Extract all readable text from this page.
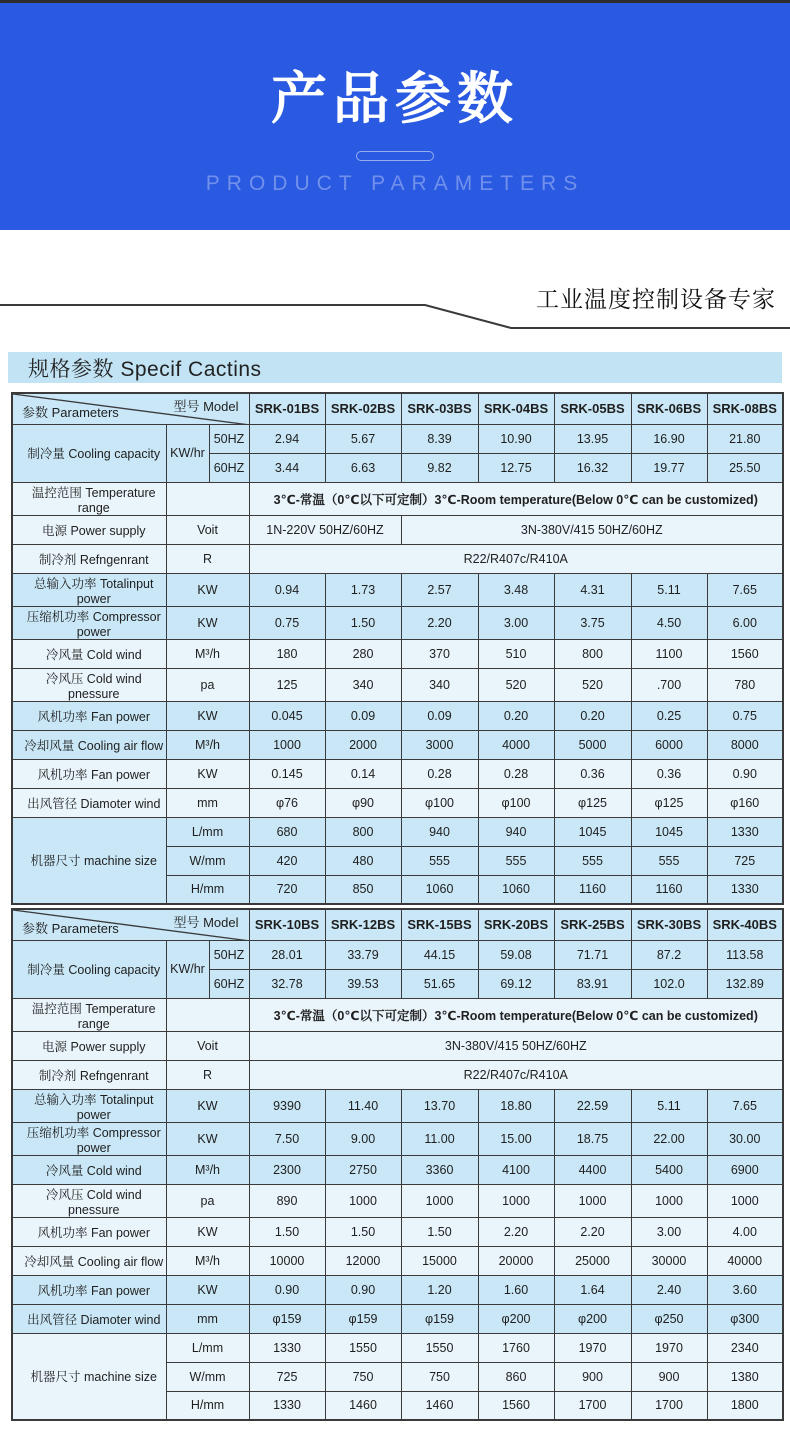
产品参数
PRODUCT PARAMETERS
工业温度控制设备专家
规格参数 Specif Cactins
型号 Model
参数 Parameters			SRK-01BS	SRK-02BS	SRK-03BS	SRK-04BS	SRK-05BS	SRK-06BS	SRK-08BS
制冷量 Cooling capacity	KW/hr	50HZ	2.94	5.67	8.39	10.90	13.95	16.90	21.80
		60HZ	3.44	6.63	9.82	12.75	16.32	19.77	25.50
温控范围 Temperature range			3℃-常温（0℃以下可定制）3℃-Room temperature(Below 0℃ can be customized)						
电源 Power supply	Voit		1N-220V 50HZ/60HZ		3N-380V/415 50HZ/60HZ				
制冷剂 Refngenrant	R		R22/R407c/R410A						
总输入功率 Totalinput power	KW		0.94	1.73	2.57	3.48	4.31	5.11	7.65
压缩机功率 Compressor power	KW		0.75	1.50	2.20	3.00	3.75	4.50	6.00
冷风量 Cold wind	M³/h		180	280	370	510	800	1100	1560
冷风压 Cold wind pnessure	pa		125	340	340	520	520	.700	780
风机功率 Fan power	KW		0.045	0.09	0.09	0.20	0.20	0.25	0.75
冷却风量 Cooling air flow	M³/h		1000	2000	3000	4000	5000	6000	8000
风机功率 Fan power	KW		0.145	0.14	0.28	0.28	0.36	0.36	0.90
出风管径 Diamoter wind	mm		φ76	φ90	φ100	φ100	φ125	φ125	φ160
机器尺寸 machine size	L/mm		680	800	940	940	1045	1045	1330
	W/mm		420	480	555	555	555	555	725
	H/mm		720	850	1060	1060	1160	1160	1330
型号 Model
参数 Parameters			SRK-10BS	SRK-12BS	SRK-15BS	SRK-20BS	SRK-25BS	SRK-30BS	SRK-40BS
制冷量 Cooling capacity	KW/hr	50HZ	28.01	33.79	44.15	59.08	71.71	87.2	113.58
		60HZ	32.78	39.53	51.65	69.12	83.91	102.0	132.89
温控范围 Temperature range			3℃-常温（0℃以下可定制）3℃-Room temperature(Below 0℃ can be customized)						
电源 Power supply	Voit		3N-380V/415 50HZ/60HZ						
制冷剂 Refngenrant	R		R22/R407c/R410A						
总输入功率 Totalinput power	KW		9390	11.40	13.70	18.80	22.59	5.11	7.65
压缩机功率 Compressor power	KW		7.50	9.00	11.00	15.00	18.75	22.00	30.00
冷风量 Cold wind	M³/h		2300	2750	3360	4100	4400	5400	6900
冷风压 Cold wind pnessure	pa		890	1000	1000	1000	1000	1000	1000
风机功率 Fan power	KW		1.50	1.50	1.50	2.20	2.20	3.00	4.00
冷却风量 Cooling air flow	M³/h		10000	12000	15000	20000	25000	30000	40000
风机功率 Fan power	KW		0.90	0.90	1.20	1.60	1.64	2.40	3.60
出风管径 Diamoter wind	mm		φ159	φ159	φ159	φ200	φ200	φ250	φ300
机器尺寸 machine size	L/mm		1330	1550	1550	1760	1970	1970	2340
	W/mm		725	750	750	860	900	900	1380
	H/mm		1330	1460	1460	1560	1700	1700	1800
